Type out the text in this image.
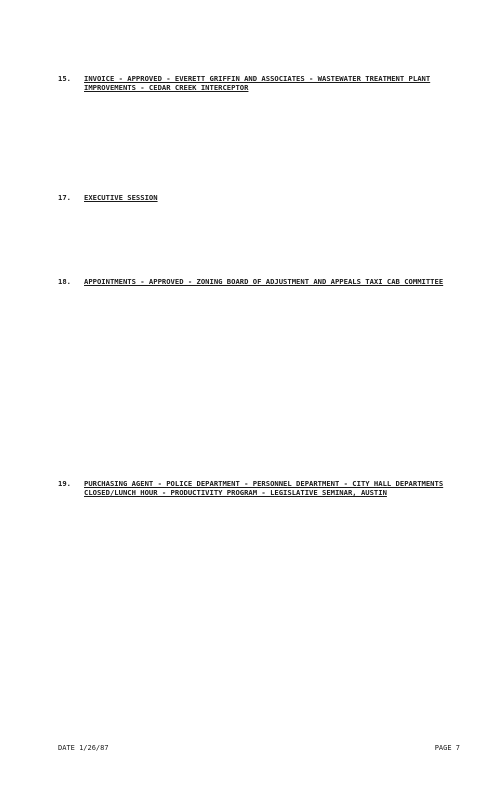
15.	INVOICE - APPROVED - EVERETT GRIFFIN AND ASSOCIATES - WASTEWATER TREATMENT PLANT IMPROVEMENTS - CEDAR CREEK INTERCEPTOR
17.	EXECUTIVE SESSION
18.	APPOINTMENTS - APPROVED - ZONING BOARD OF ADJUSTMENT AND APPEALS TAXI CAB COMMITTEE
19.	PURCHASING AGENT - POLICE DEPARTMENT - PERSONNEL DEPARTMENT - CITY HALL DEPARTMENTS CLOSED/LUNCH HOUR - PRODUCTIVITY PROGRAM - LEGISLATIVE SEMINAR, AUSTIN
DATE 1/26/87	PAGE 7
